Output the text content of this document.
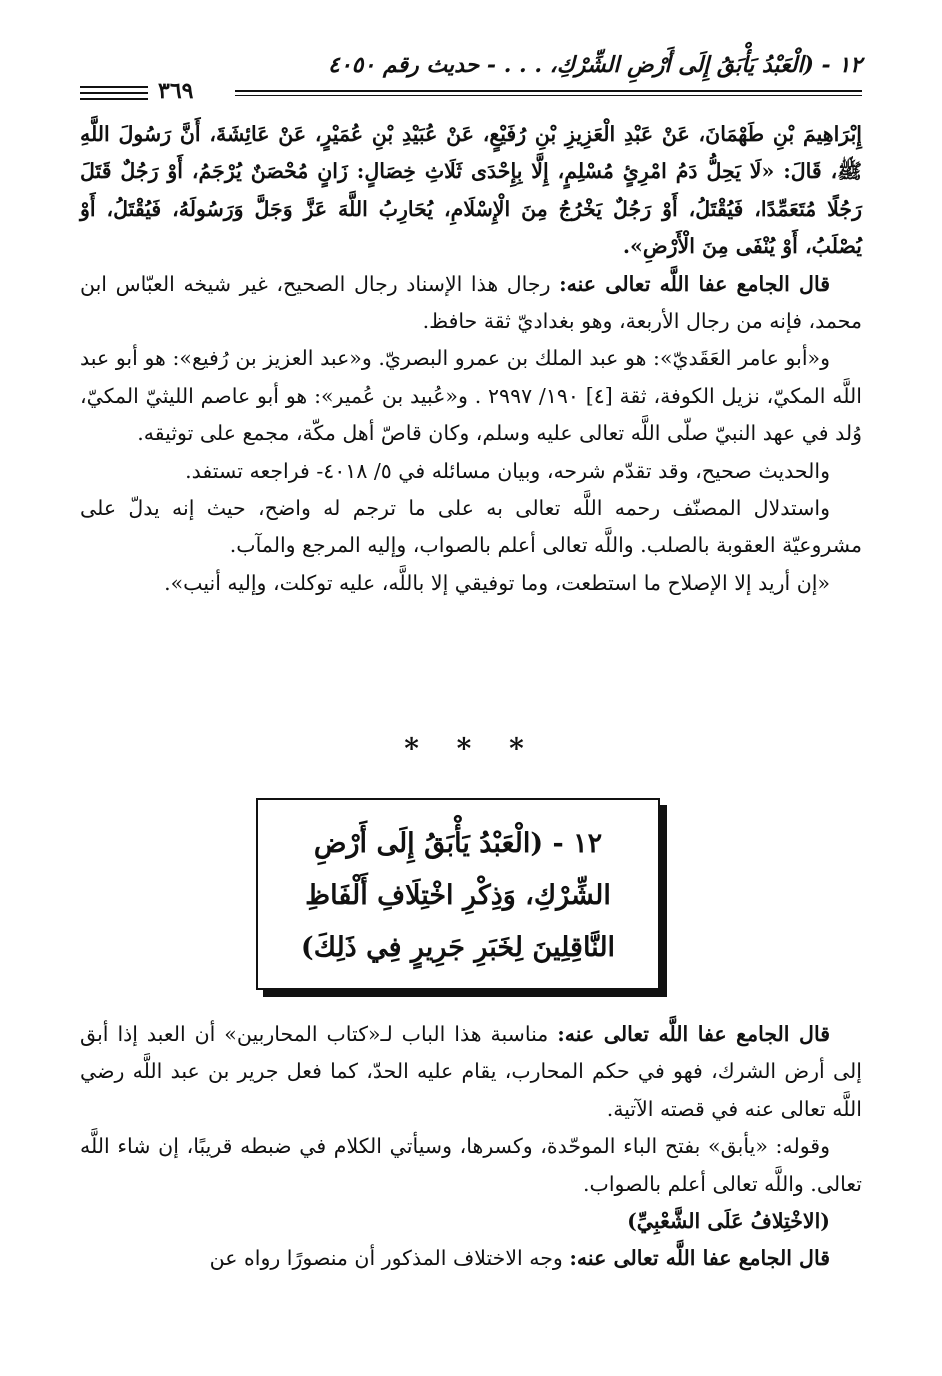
١٢ - (الْعَبْدُ يَأْبَقُ إِلَى أَرْضِ الشِّرْكِ، . . . - حديث رقم ٤٠٥٠
٣٦٩

إِبْرَاهِيمَ بْنِ طَهْمَانَ، عَنْ عَبْدِ الْعَزِيزِ بْنِ رُفَيْعٍ، عَنْ عُبَيْدِ بْنِ عُمَيْرٍ، عَنْ عَائِشَةَ، أَنَّ رَسُولَ اللَّهِ ﷺ، قَالَ: «لَا يَحِلُّ دَمُ امْرِئٍ مُسْلِمٍ، إِلَّا بِإِحْدَى ثَلَاثِ خِصَالٍ: زَانٍ مُحْصَنٌ يُرْجَمُ، أَوْ رَجُلٌ قَتَلَ رَجُلًا مُتَعَمِّدًا، فَيُقْتَلُ، أَوْ رَجُلٌ يَخْرُجُ مِنَ الْإِسْلَامِ، يُحَارِبُ اللَّهَ عَزَّ وَجَلَّ وَرَسُولَهُ، فَيُقْتَلُ، أَوْ يُصْلَبُ، أَوْ يُنْفَى مِنَ الْأَرْضِ».

قال الجامع عفا اللَّه تعالى عنه: رجال هذا الإسناد رجال الصحيح، غير شيخه العبّاس ابن محمد، فإنه من رجال الأربعة، وهو بغداديّ ثقة حافظ.

و«أبو عامر العَقَديّ»: هو عبد الملك بن عمرو البصريّ. و«عبد العزيز بن رُفيع»: هو أبو عبد اللَّه المكيّ، نزيل الكوفة، ثقة [٤] ١٩٠/ ٢٩٩٧ . و«عُبيد بن عُمير»: هو أبو عاصم الليثيّ المكيّ، وُلد في عهد النبيّ صلّى اللَّه تعالى عليه وسلم، وكان قاصّ أهل مكّة، مجمع على توثيقه.

والحديث صحيح، وقد تقدّم شرحه، وبيان مسائله في ٥/ ٤٠١٨- فراجعه تستفد.

واستدلال المصنّف رحمه اللَّه تعالى به على ما ترجم له واضح، حيث إنه يدلّ على مشروعيّة العقوبة بالصلب. واللَّه تعالى أعلم بالصواب، وإليه المرجع والمآب.

«إن أريد إلا الإصلاح ما استطعت، وما توفيقي إلا باللَّه، عليه توكلت، وإليه أنيب».

* * *
١٢ - (الْعَبْدُ يَأْبَقُ إِلَى أَرْضِ الشِّرْكِ، وَذِكْرِ اخْتِلَافِ أَلْفَاظِ النَّاقِلِينَ لِخَبَرِ جَرِيرٍ فِي ذَلِكَ)

قال الجامع عفا اللَّه تعالى عنه: مناسبة هذا الباب لـ«كتاب المحاربين» أن العبد إذا أبق إلى أرض الشرك، فهو في حكم المحارب، يقام عليه الحدّ، كما فعل جرير بن عبد اللَّه رضي اللَّه تعالى عنه في قصته الآتية.

وقوله: «يأبق» بفتح الباء الموحّدة، وكسرها، وسيأتي الكلام في ضبطه قريبًا، إن شاء اللَّه تعالى. واللَّه تعالى أعلم بالصواب.

(الاخْتِلافُ عَلَى الشَّعْبِيِّ)

قال الجامع عفا اللَّه تعالى عنه: وجه الاختلاف المذكور أن منصورًا رواه عن
